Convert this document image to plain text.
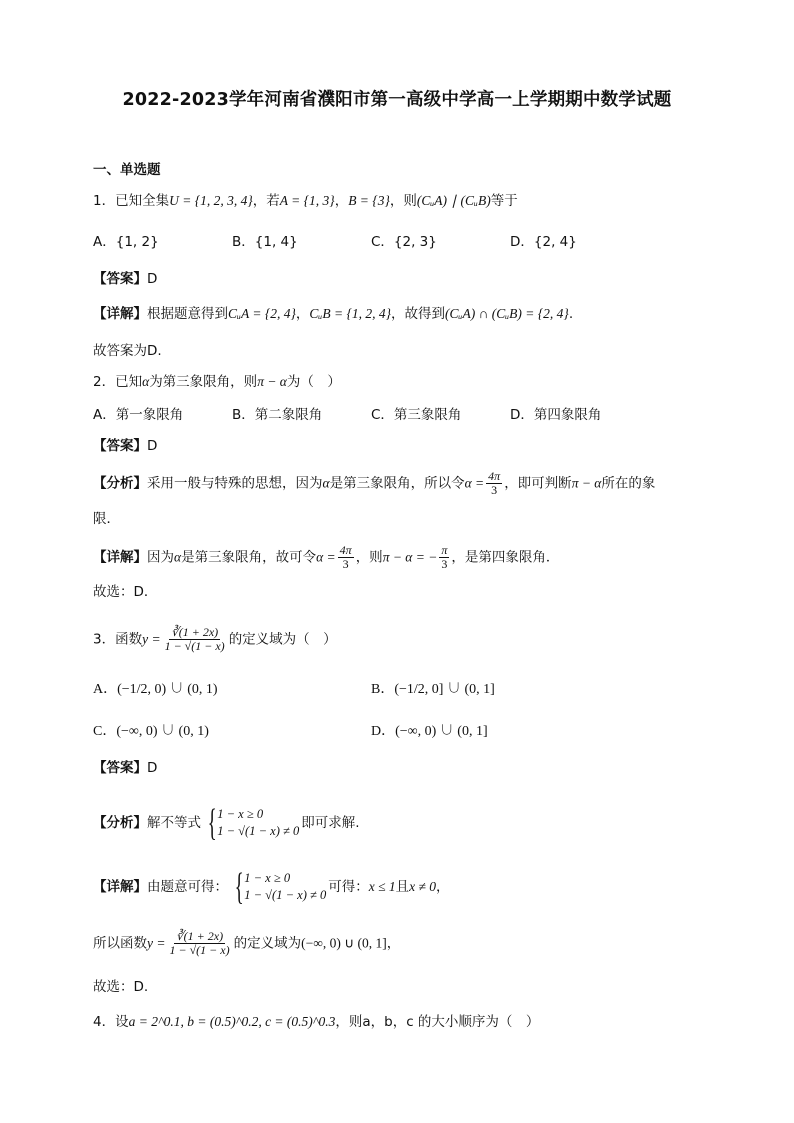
2022-2023学年河南省濮阳市第一高级中学高一上学期期中数学试题
一、单选题
1．已知全集U = {1, 2, 3, 4}，若A = {1, 3}，B = {3}，则(CᵤA) ∣ (CᵤB)等于
A．{1, 2}	B．{1, 4}	C．{2, 3}	D．{2, 4}
【答案】D
【详解】根据题意得到CᵤA = {2, 4}，CᵤB = {1, 2, 4}，故得到(CᵤA) ∩ (CᵤB) = {2, 4}.
故答案为D.
2．已知α为第三象限角，则π − α为（　）
A．第一象限角	B．第二象限角	C．第三象限角	D．第四象限角
【答案】D
【分析】采用一般与特殊的思想，因为α是第三象限角，所以令$\alpha = \frac{4\pi}{3}$ ，即可判断π − α所在的象
限．
【详解】因为α是第三象限角，故可令$\alpha = \frac{4\pi}{3}$ ，则π − α = − $\frac{\pi}{3}$ ，是第四象限角．
故选：D．
3．函数$y = \frac{∛(1 + 2x)}{1 - √(1 - x)}$ 的定义域为（　）
A．(−1/2, 0) ∪ (0, 1)	B．(−1/2, 0] ∪ (0, 1]
C．(−∞, 0) ∪ (0, 1)	D．(−∞, 0) ∪ (0, 1]
【答案】D
【分析】解不等式 { 1 − x ≥ 0
1 − √(1 − x) ≠ 0 即可求解.
【详解】由题意可得： { 1 − x ≥ 0
1 − √(1 − x) ≠ 0 可得：x ≤ 1且x ≠ 0，
所以函数$y = \frac{∛(1 + 2x)}{1 - √(1 - x)}$ 的定义域为(−∞, 0) ∪ (0, 1]，
故选：D.
4．设a = 2^0.1, b = (0.5)^0.2, c = (0.5)^0.3，则a，b，c 的大小顺序为（　）
